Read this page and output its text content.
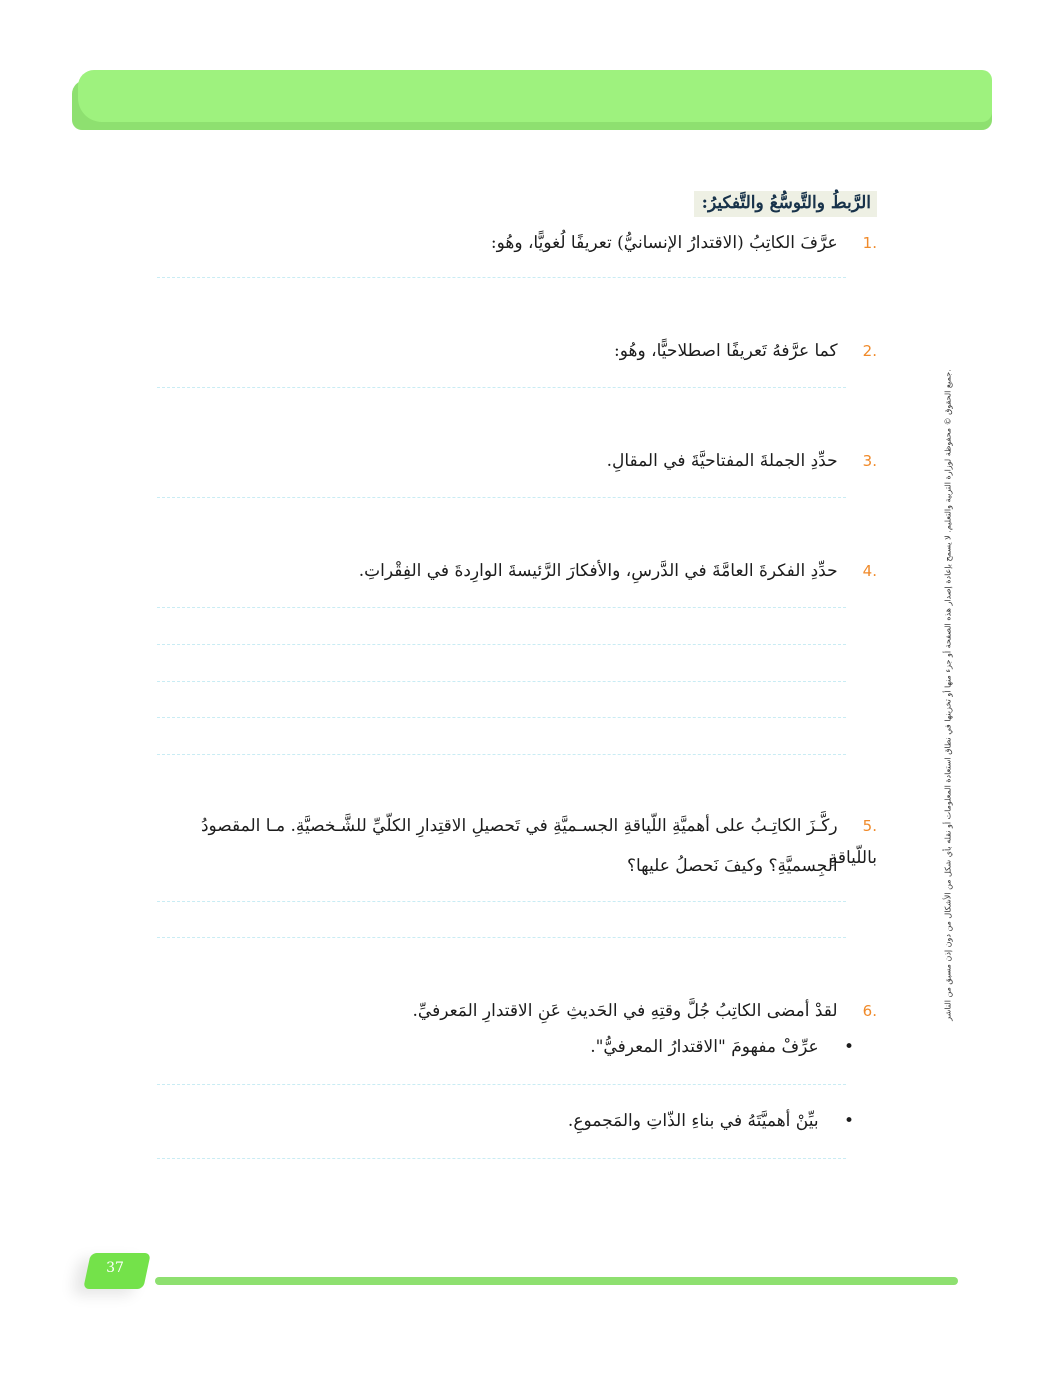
الرَّبطُ والتَّوسُّعُ والتَّفكيرُ:
.1 عرَّفَ الكاتِبُ (الاقتدارُ الإنسانيُّ) تعريفًا لُغويًّا، وهُو:
.2 كما عرَّفهُ تَعريفًا اصطلاحيًّا، وهُو:
.3 حدِّدِ الجملةَ المفتاحيَّةَ في المقالِ.
.4 حدِّدِ الفكرةَ العامَّةَ في الدَّرسِ، والأفكارَ الرَّئيسةَ الوارِدةَ في الفِقْراتِ.
.5 ركَّـزَ الكاتِـبُ على أهميَّةِ اللّياقةِ الجسـميَّةِ في تَحصيلِ الاقتِدارِ الكلّيِّ للشَّـخصيَّةِ. مـا المقصودُ باللّياقةِ
الجِسميَّةِ؟ وكيفَ نَحصلُ عليها؟
.6 لقدْ أمضى الكاتِبُ جُلَّ وقتِهِ في الحَديثِ عَنِ الاقتدارِ المَعرفيِّ.
• عرِّفْ مفهومَ "الاقتدارُ المعرفيُّ".
• بيِّنْ أهميَّتَهُ في بناءِ الذّاتِ والمَجموعِ.
جميع الحقوق © محفوظة لوزارة التربية والتعليم. لا يسمح بإعادة إصدار هذه الصفحة أو جزء منها أو تخزينها في نطاق استعادة المعلومات أو نقله بأي شكل من الأشكال من دون إذن مسبق من الناشر.
37
